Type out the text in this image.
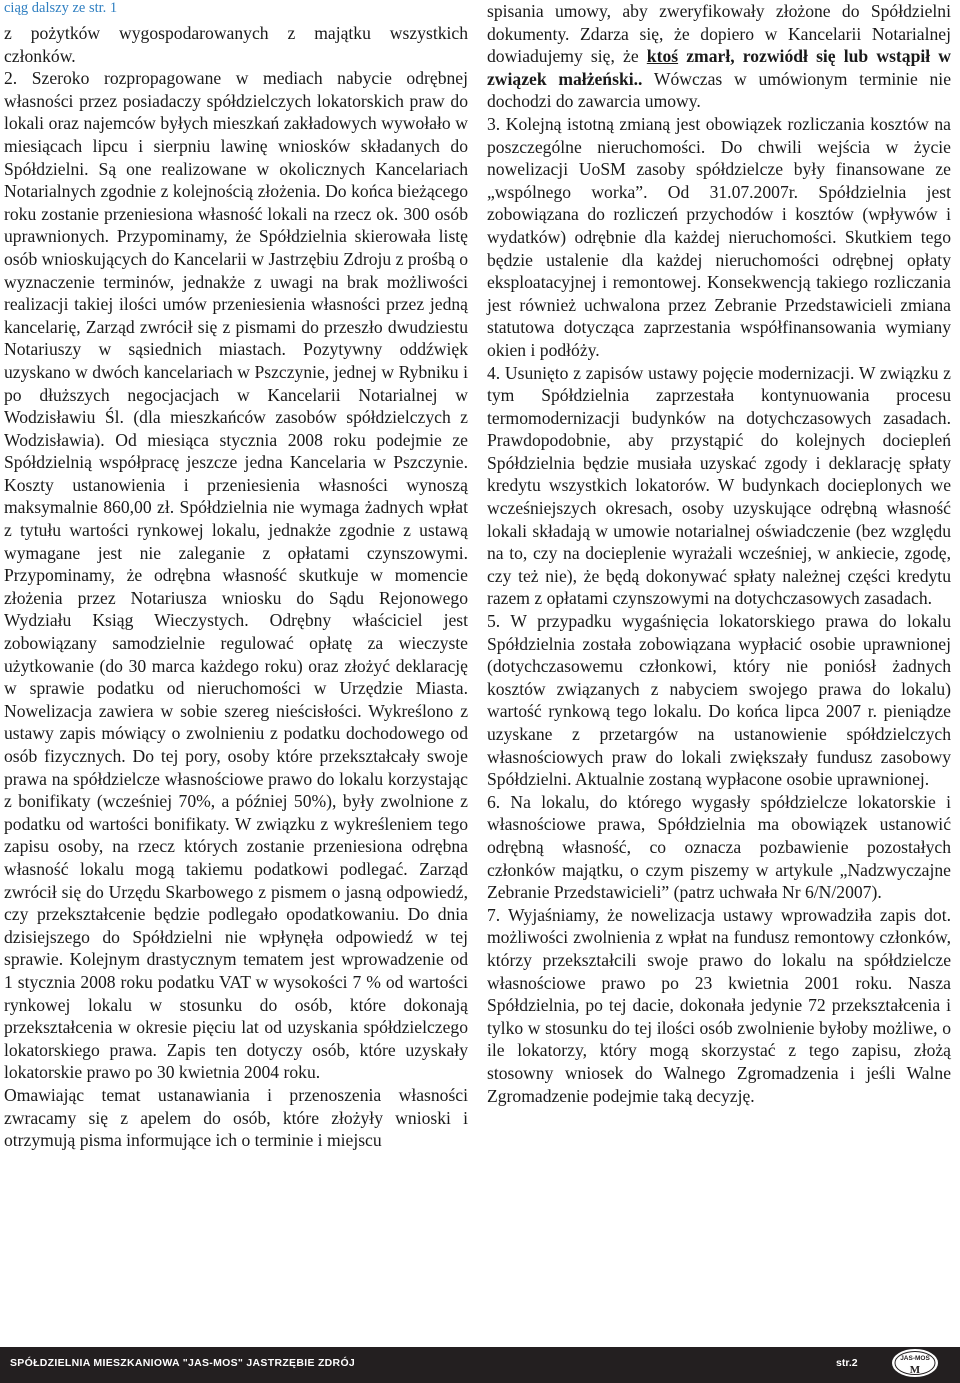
ciąg dalszy ze str. 1

z pożytków wygospodarowanych z majątku wszystkich członków.

2. Szeroko rozpropagowane w mediach nabycie odrębnej własności przez posiadaczy spółdzielczych lokatorskich praw do lokali oraz najemców byłych mieszkań zakładowych wywołało w miesiącach lipcu i sierpniu lawinę wniosków składanych do Spółdzielni. Są one realizowane w okolicznych Kancelariach Notarialnych zgodnie z kolejnością złożenia. Do końca bieżącego roku zostanie przeniesiona własność lokali na rzecz ok. 300 osób uprawnionych. Przypominamy, że Spółdzielnia skierowała listę osób wnioskujących do Kancelarii w Jastrzębiu Zdroju z prośbą o wyznaczenie terminów, jednakże z uwagi na brak możliwości realizacji takiej ilości umów przeniesienia własności przez jedną kancelarię, Zarząd zwrócił się z pismami do przeszło dwudziestu Notariuszy w sąsiednich miastach. Pozytywny oddźwięk uzyskano w dwóch kancelariach w Pszczynie, jednej w Rybniku i po dłuższych negocjacjach w Kancelarii Notarialnej w Wodzisławiu Śl. (dla mieszkańców zasobów spółdzielczych z Wodzisławia). Od miesiąca stycznia 2008 roku podejmie ze Spółdzielnią współpracę jeszcze jedna Kancelaria w Pszczynie. Koszty ustanowienia i przeniesienia własności wynoszą maksymalnie 860,00 zł. Spółdzielnia nie wymaga żadnych wpłat z tytułu wartości rynkowej lokalu, jednakże zgodnie z ustawą wymagane jest nie zaleganie z opłatami czynszowymi. Przypominamy, że odrębna własność skutkuje w momencie złożenia przez Notariusza wniosku do Sądu Rejonowego Wydziału Ksiąg Wieczystych. Odrębny właściciel jest zobowiązany samodzielnie regulować opłatę za wieczyste użytkowanie (do 30 marca każdego roku) oraz złożyć deklarację w sprawie podatku od nieruchomości w Urzędzie Miasta. Nowelizacja zawiera w sobie szereg nieścisłości. Wykreślono z ustawy zapis mówiący o zwolnieniu z podatku dochodowego od osób fizycznych. Do tej pory, osoby które przekształcały swoje prawa na spółdzielcze własnościowe prawo do lokalu korzystając z bonifikaty (wcześniej 70%, a później 50%), były zwolnione z podatku od wartości bonifikaty. W związku z wykreśleniem tego zapisu osoby, na rzecz których zostanie przeniesiona odrębna własność lokalu mogą takiemu podatkowi podlegać. Zarząd zwrócił się do Urzędu Skarbowego z pismem o jasną odpowiedź, czy przekształcenie będzie podlegało opodatkowaniu. Do dnia dzisiejszego do Spółdzielni nie wpłynęła odpowiedź w tej sprawie. Kolejnym drastycznym tematem jest wprowadzenie od 1 stycznia 2008 roku podatku VAT w wysokości 7 % od wartości rynkowej lokalu w stosunku do osób, które dokonają przekształcenia w okresie pięciu lat od uzyskania spółdzielczego lokatorskiego prawa. Zapis ten dotyczy osób, które uzyskały lokatorskie prawo po 30 kwietnia 2004 roku.

Omawiając temat ustanawiania i przenoszenia własności zwracamy się z apelem do osób, które złożyły wnioski i otrzymują pisma informujące ich o terminie i miejscu

spisania umowy, aby zweryfikowały złożone do Spółdzielni dokumenty. Zdarza się, że dopiero w Kancelarii Notarialnej dowiadujemy się, że ktoś zmarł, rozwiódł się lub wstąpił w związek małżeński.. Wówczas w umówionym terminie nie dochodzi do zawarcia umowy.

3. Kolejną istotną zmianą jest obowiązek rozliczania kosztów na poszczególne nieruchomości. Do chwili wejścia w życie nowelizacji UoSM zasoby spółdzielcze były finansowane ze „wspólnego worka”. Od 31.07.2007r. Spółdzielnia jest zobowiązana do rozliczeń przychodów i kosztów (wpływów i wydatków) odrębnie dla każdej nieruchomości. Skutkiem tego będzie ustalenie dla każdej nieruchomości odrębnej opłaty eksploatacyjnej i remontowej. Konsekwencją takiego rozliczania jest również uchwalona przez Zebranie Przedstawicieli zmiana statutowa dotycząca zaprzestania współfinansowania wymiany okien i podłóży.

4. Usunięto z zapisów ustawy pojęcie modernizacji. W związku z tym Spółdzielnia zaprzestała kontynuowania procesu termomodernizacji budynków na dotychczasowych zasadach. Prawdopodobnie, aby przystąpić do kolejnych dociepleń Spółdzielnia będzie musiała uzyskać zgody i deklarację spłaty kredytu wszystkich lokatorów. W budynkach docieplonych we wcześniejszych okresach, osoby uzyskujące odrębną własność lokali składają w umowie notarialnej oświadczenie (bez względu na to, czy na docieplenie wyrażali wcześniej, w ankiecie, zgodę, czy też nie), że będą dokonywać spłaty należnej części kredytu razem z opłatami czynszowymi na dotychczasowych zasadach.

5. W przypadku wygaśnięcia lokatorskiego prawa do lokalu Spółdzielnia została zobowiązana wypłacić osobie uprawnionej (dotychczasowemu członkowi, który nie poniósł żadnych kosztów związanych z nabyciem swojego prawa do lokalu) wartość rynkową tego lokalu. Do końca lipca 2007 r. pieniądze uzyskane z przetargów na ustanowienie spółdzielczych własnościowych praw do lokali zwiększały fundusz zasobowy Spółdzielni. Aktualnie zostaną wypłacone osobie uprawnionej.

6. Na lokalu, do którego wygasły spółdzielcze lokatorskie i własnościowe prawa, Spółdzielnia ma obowiązek ustanowić odrębną własność, co oznacza pozbawienie pozostałych członków majątku, o czym piszemy w artykule „Nadzwyczajne Zebranie Przedstawicieli” (patrz uchwała Nr 6/N/2007).

7. Wyjaśniamy, że nowelizacja ustawy wprowadziła zapis dot. możliwości zwolnienia z wpłat na fundusz remontowy członków, którzy przekształcili swoje prawo do lokalu na spółdzielcze własnościowe prawo po 23 kwietnia 2001 roku. Nasza Spółdzielnia, po tej dacie, dokonała jedynie 72 przekształcenia i tylko w stosunku do tej ilości osób zwolnienie byłoby możliwe, o ile lokatorzy, który mogą skorzystać z tego zapisu, złożą stosowny wniosek do Walnego Zgromadzenia i jeśli Walne Zgromadzenie podejmie taką decyzję.

SPÓŁDZIELNIA MIESZKANIOWA "JAS-MOS" JASTRZĘBIE ZDRÓJ	str.2	JAS-MOS
M
